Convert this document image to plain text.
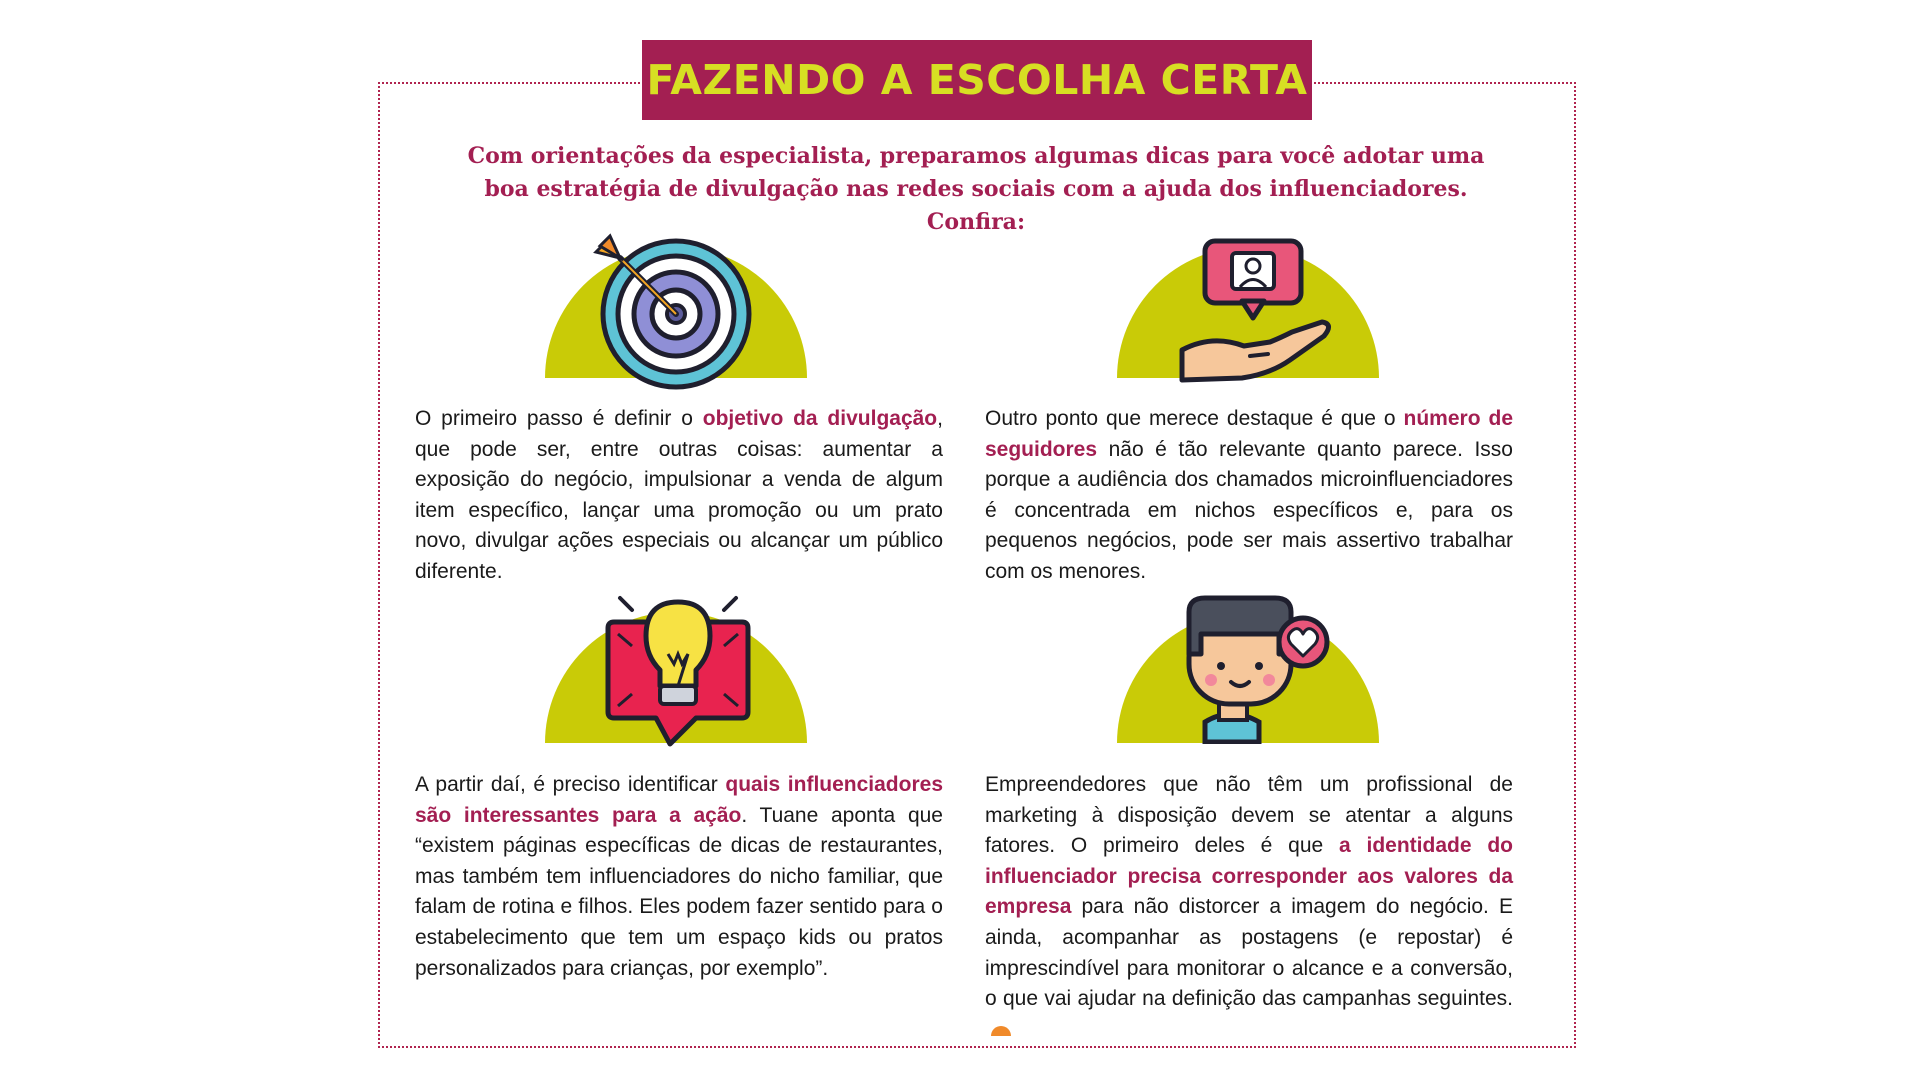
FAZENDO A ESCOLHA CERTA
Com orientações da especialista, preparamos algumas dicas para você adotar uma
boa estratégia de divulgação nas redes sociais com a ajuda dos influenciadores.
Confira:
O primeiro passo é definir o objetivo da divulgação, que pode ser, entre outras coisas: aumentar a exposição do negócio, impulsionar a venda de algum item específico, lançar uma promoção ou um prato novo, divulgar ações especiais ou alcançar um público diferente.
Outro ponto que merece destaque é que o número de seguidores não é tão relevante quanto parece. Isso porque a audiência dos chamados microinfluenciadores é concentrada em nichos específicos e, para os pequenos negócios, pode ser mais assertivo trabalhar com os menores.
A partir daí, é preciso identificar quais influenciadores são interessantes para a ação. Tuane aponta que “existem páginas específicas de dicas de restaurantes, mas também tem influenciadores do nicho familiar, que falam de rotina e filhos. Eles podem fazer sentido para o estabelecimento que tem um espaço kids ou pratos personalizados para crianças, por exemplo”.
Empreendedores que não têm um profissional de marketing à disposição devem se atentar a alguns fatores. O primeiro deles é que a identidade do influenciador precisa corresponder aos valores da empresa para não distorcer a imagem do negócio. E ainda, acompanhar as postagens (e repostar) é imprescindível para monitorar o alcance e a conversão, o que vai ajudar na definição das campanhas seguintes.
